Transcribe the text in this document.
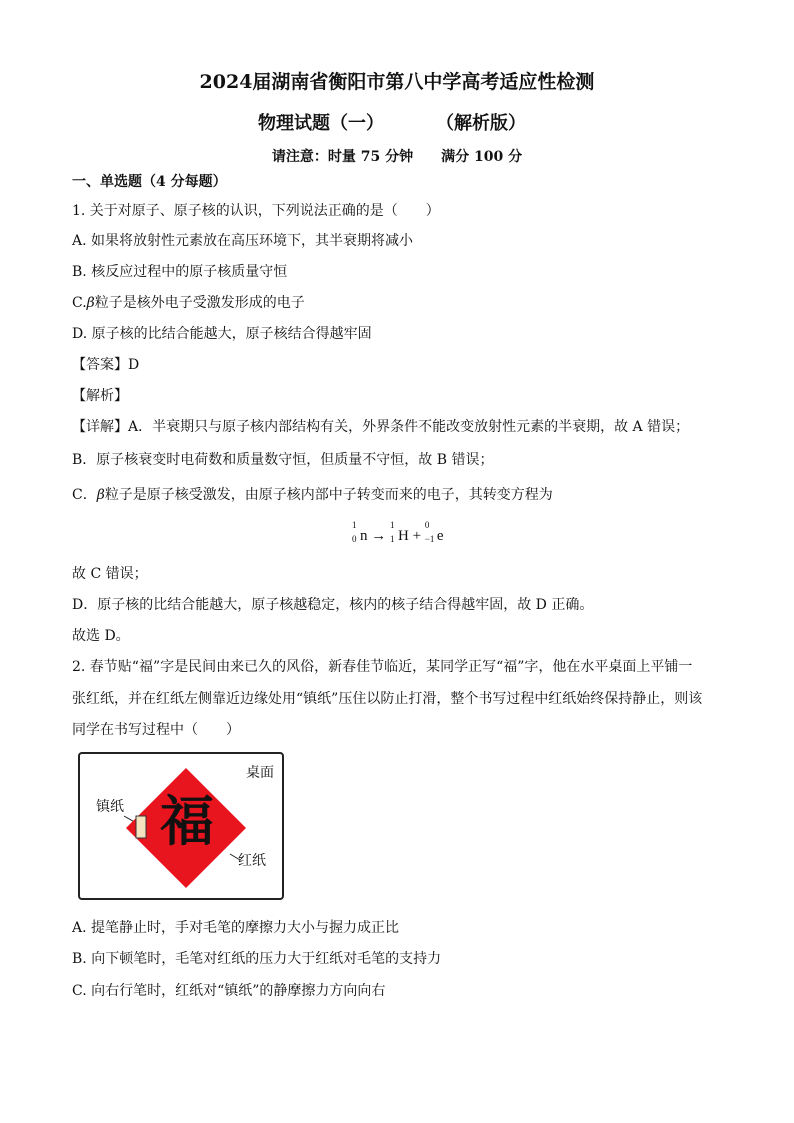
2024届湖南省衡阳市第八中学高考适应性检测
物理试题（一）	（解析版）
请注意：时量 75 分钟　　满分 100 分
一、单选题（4 分每题）
1. 关于对原子、原子核的认识，下列说法正确的是（　　）
A. 如果将放射性元素放在高压环境下，其半衰期将减小
B. 核反应过程中的原子核质量守恒
C.β粒子是核外电子受激发形成的电子
D. 原子核的比结合能越大，原子核结合得越牢固
【答案】D
【解析】
【详解】A．半衰期只与原子核内部结构有关，外界条件不能改变放射性元素的半衰期，故 A 错误；
B．原子核衰变时电荷数和质量数守恒，但质量不守恒，故 B 错误；
C．β粒子是原子核受激发，由原子核内部中子转变而来的电子，其转变方程为
1
0 n →
1
1 H +
0
−1 e
故 C 错误；
D．原子核的比结合能越大，原子核越稳定，核内的核子结合得越牢固，故 D 正确。
故选 D。
2. 春节贴“福”字是民间由来已久的风俗，新春佳节临近，某同学正写“福”字，他在水平桌面上平铺一
张红纸，并在红纸左侧靠近边缘处用“镇纸”压住以防止打滑，整个书写过程中红纸始终保持静止，则该
同学在书写过程中（　　）
桌面
镇纸
红纸
福
A. 提笔静止时，手对毛笔的摩擦力大小与握力成正比
B. 向下顿笔时，毛笔对红纸的压力大于红纸对毛笔的支持力
C. 向右行笔时，红纸对“镇纸”的静摩擦力方向向右
